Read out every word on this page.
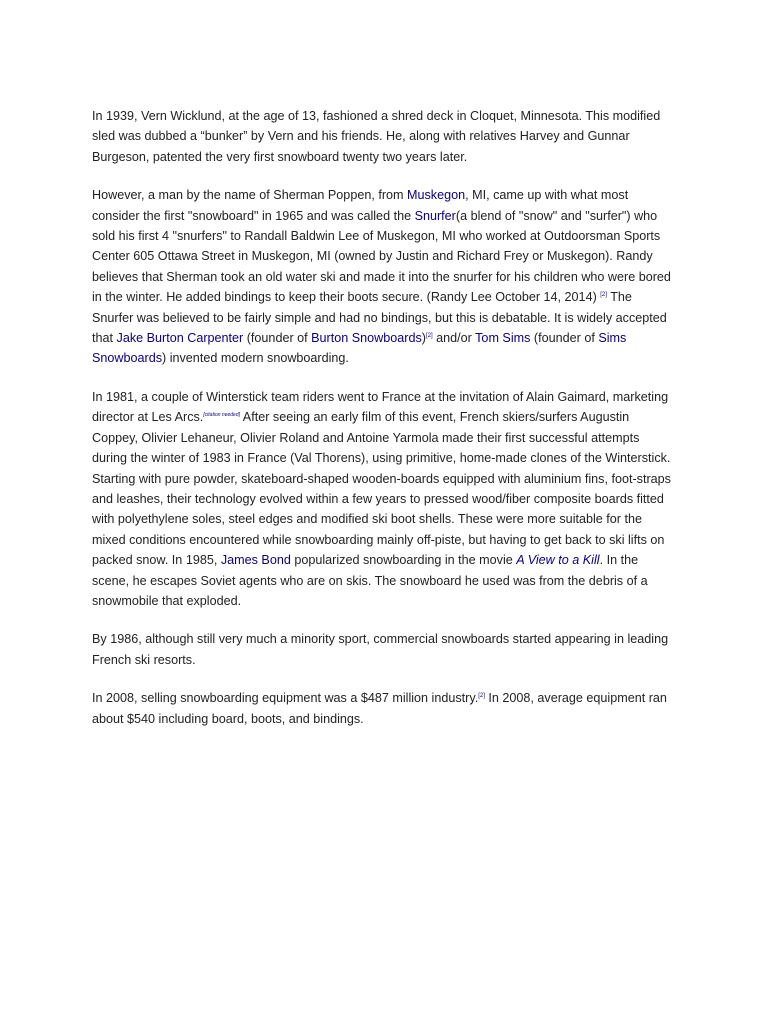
In 1939, Vern Wicklund, at the age of 13, fashioned a shred deck in Cloquet, Minnesota. This modified sled was dubbed a “bunker” by Vern and his friends. He, along with relatives Harvey and Gunnar Burgeson, patented the very first snowboard twenty two years later.

However, a man by the name of Sherman Poppen, from Muskegon, MI, came up with what most consider the first "snowboard" in 1965 and was called the Snurfer(a blend of "snow" and "surfer") who sold his first 4 "snurfers" to Randall Baldwin Lee of Muskegon, MI who worked at Outdoorsman Sports Center 605 Ottawa Street in Muskegon, MI (owned by Justin and Richard Frey or Muskegon). Randy believes that Sherman took an old water ski and made it into the snurfer for his children who were bored in the winter. He added bindings to keep their boots secure. (Randy Lee October 14, 2014) [2] The Snurfer was believed to be fairly simple and had no bindings, but this is debatable. It is widely accepted that Jake Burton Carpenter (founder of Burton Snowboards)[2] and/or Tom Sims (founder of Sims Snowboards) invented modern snowboarding.

In 1981, a couple of Winterstick team riders went to France at the invitation of Alain Gaimard, marketing director at Les Arcs.[citation needed] After seeing an early film of this event, French skiers/surfers Augustin Coppey, Olivier Lehaneur, Olivier Roland and Antoine Yarmola made their first successful attempts during the winter of 1983 in France (Val Thorens), using primitive, home-made clones of the Winterstick. Starting with pure powder, skateboard-shaped wooden-boards equipped with aluminium fins, foot-straps and leashes, their technology evolved within a few years to pressed wood/fiber composite boards fitted with polyethylene soles, steel edges and modified ski boot shells. These were more suitable for the mixed conditions encountered while snowboarding mainly off-piste, but having to get back to ski lifts on packed snow. In 1985, James Bond popularized snowboarding in the movie A View to a Kill. In the scene, he escapes Soviet agents who are on skis. The snowboard he used was from the debris of a snowmobile that exploded.

By 1986, although still very much a minority sport, commercial snowboards started appearing in leading French ski resorts.

In 2008, selling snowboarding equipment was a $487 million industry.[2] In 2008, average equipment ran about $540 including board, boots, and bindings.
